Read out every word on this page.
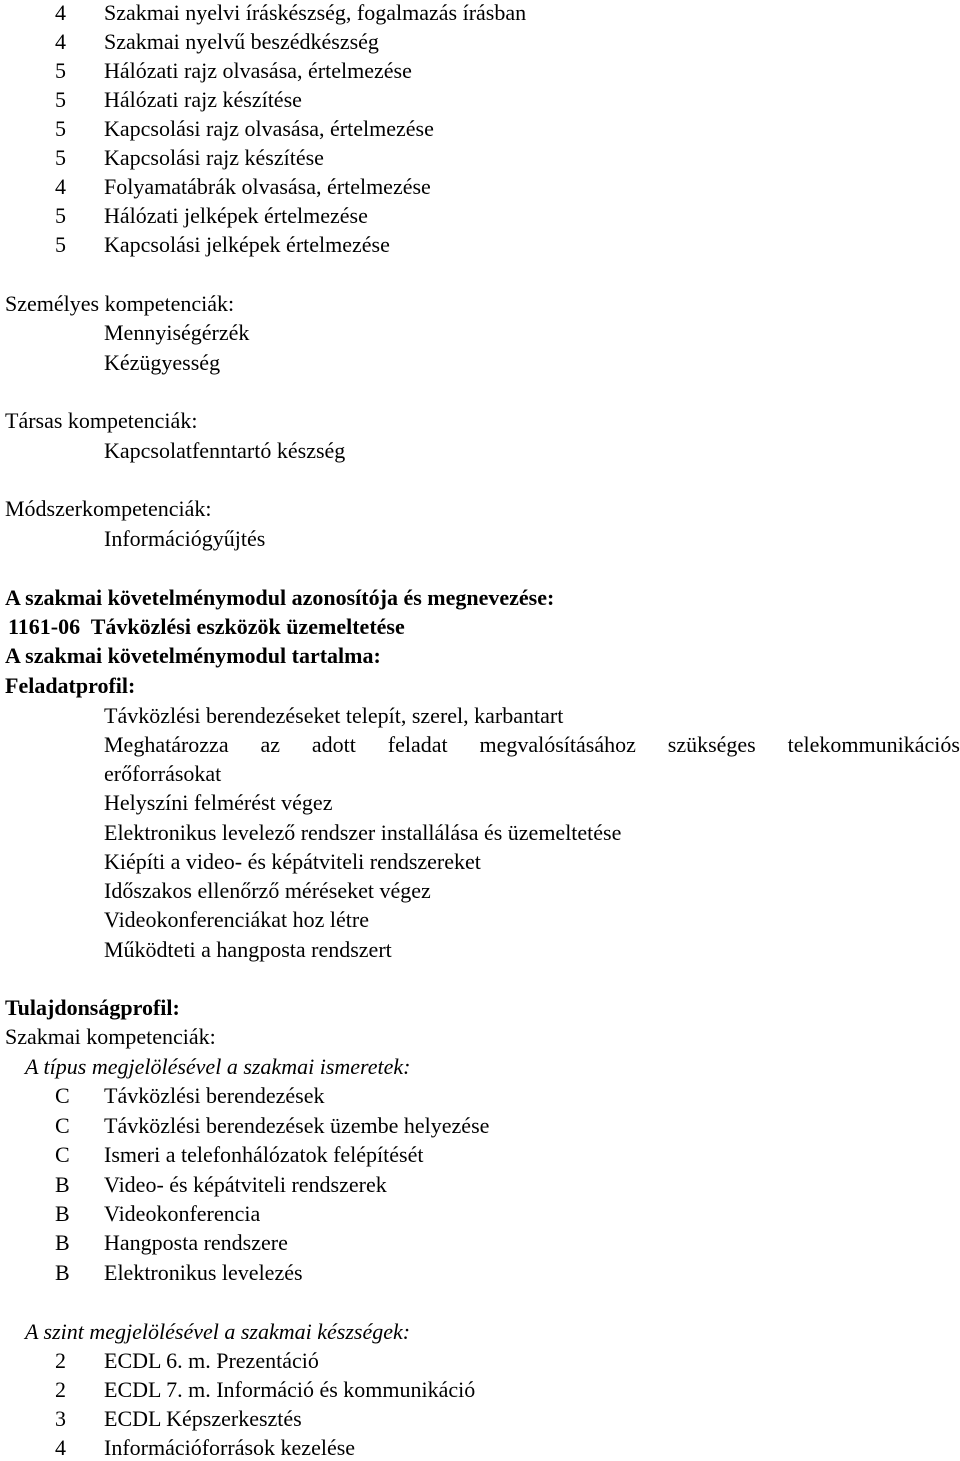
4 Szakmai nyelvi íráskészség, fogalmazás írásban
4 Szakmai nyelvű beszédkészség
5 Hálózati rajz olvasása, értelmezése
5 Hálózati rajz készítése
5 Kapcsolási rajz olvasása, értelmezése
5 Kapcsolási rajz készítése
4 Folyamatábrák olvasása, értelmezése
5 Hálózati jelképek értelmezése
5 Kapcsolási jelképek értelmezése
Személyes kompetenciák:
Mennyiségérzék
Kézügyesség
Társas kompetenciák:
Kapcsolatfenntartó készség
Módszerkompetenciák:
Információgyűjtés
A szakmai követelménymodul azonosítója és megnevezése:
1161-06  Távközlési eszközök üzemeltetése
A szakmai követelménymodul tartalma:
Feladatprofil:
Távközlési berendezéseket telepít, szerel, karbantart
Meghatározza az adott feladat megvalósításához szükséges telekommunikációs
erőforrásokat
Helyszíni felmérést végez
Elektronikus levelező rendszer installálása és üzemeltetése
Kiépíti a video- és képátviteli rendszereket
Időszakos ellenőrző méréseket végez
Videokonferenciákat hoz létre
Működteti a hangposta rendszert
Tulajdonságprofil:
Szakmai kompetenciák:
A típus megjelölésével a szakmai ismeretek:
C Távközlési berendezések
C Távközlési berendezések üzembe helyezése
C Ismeri a telefonhálózatok felépítését
B Video- és képátviteli rendszerek
B Videokonferencia
B Hangposta rendszere
B Elektronikus levelezés
A szint megjelölésével a szakmai készségek:
2 ECDL 6. m. Prezentáció
2 ECDL 7. m. Információ és kommunikáció
3 ECDL Képszerkesztés
4 Információforrások kezelése
